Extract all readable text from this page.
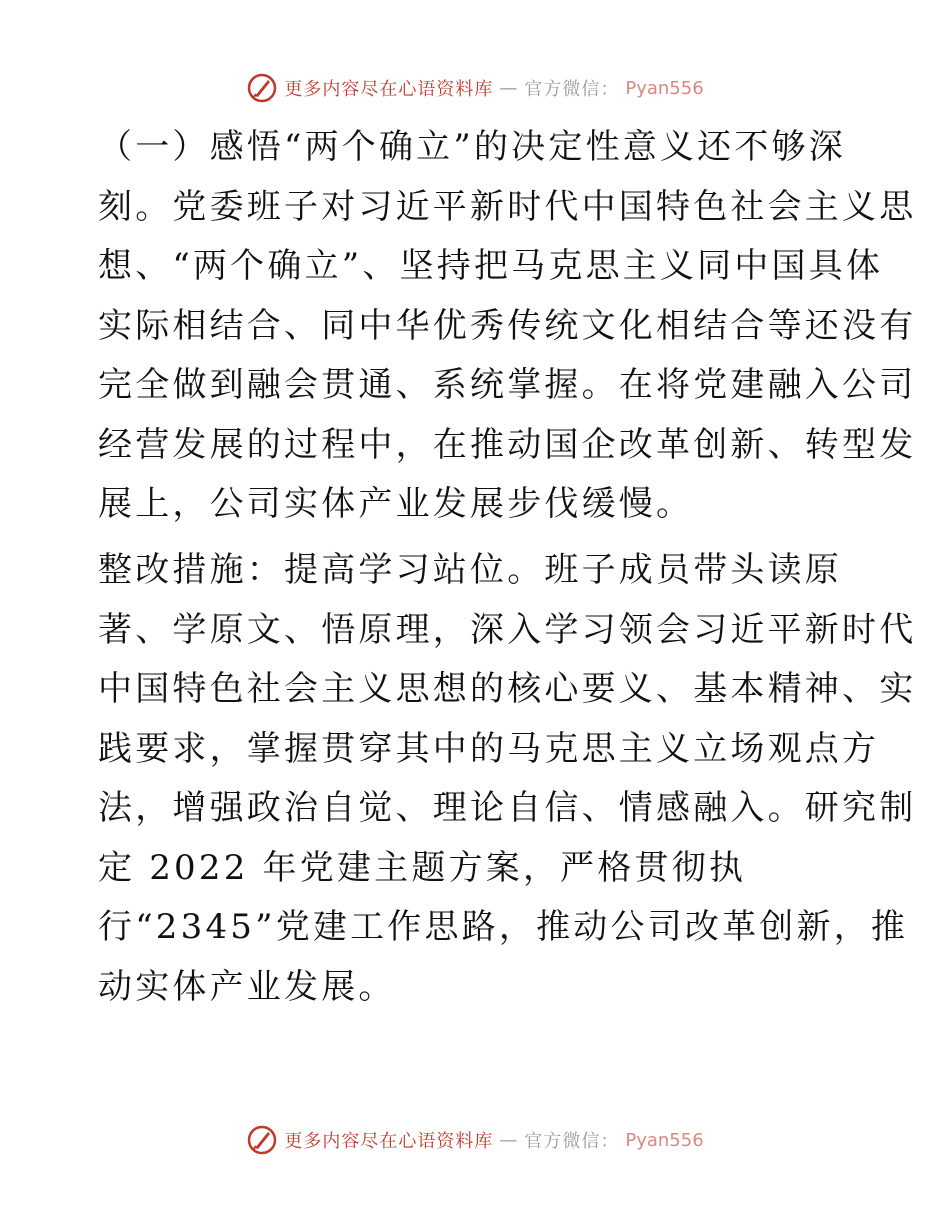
更多内容尽在心语资料库 — 官方微信： Pyan556
（一）感悟“两个确立”的决定性意义还不够深
刻。党委班子对习近平新时代中国特色社会主义思
想、“两个确立”、坚持把马克思主义同中国具体
实际相结合、同中华优秀传统文化相结合等还没有
完全做到融会贯通、系统掌握。在将党建融入公司
经营发展的过程中，在推动国企改革创新、转型发
展上，公司实体产业发展步伐缓慢。
整改措施：提高学习站位。班子成员带头读原
著、学原文、悟原理，深入学习领会习近平新时代
中国特色社会主义思想的核心要义、基本精神、实
践要求，掌握贯穿其中的马克思主义立场观点方
法，增强政治自觉、理论自信、情感融入。研究制
定 2022 年党建主题方案，严格贯彻执
行“2345”党建工作思路，推动公司改革创新，推
动实体产业发展。
更多内容尽在心语资料库 — 官方微信： Pyan556
